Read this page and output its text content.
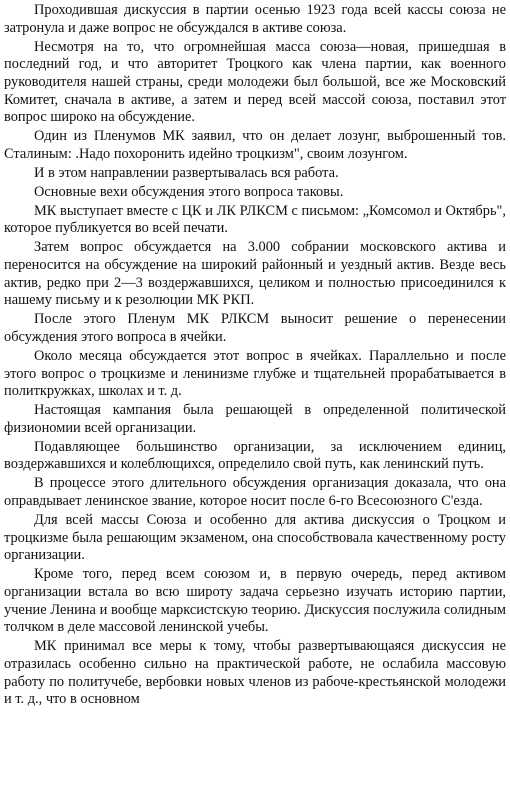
Проходившая дискуссия в партии осенью 1923 года всей кассы союза не затронула и даже вопрос не обсуждался в активе союза.

Несмотря на то, что огромнейшая масса союза—новая, пришедшая в последний год, и что авторитет Троцкого как члена партии, как военного руководителя нашей страны, среди молодежи был большой, все же Московский Комитет, сначала в активе, а затем и перед всей массой союза, поставил этот вопрос широко на обсуждение.

Один из Пленумов МК заявил, что он делает лозунг, выброшенный тов. Сталиным: .Надо похоронить идейно троцкизм", своим лозунгом.

И в этом направлении развертывалась вся работа.

Основные вехи обсуждения этого вопроса таковы.

МК выступает вместе с ЦК и ЛК РЛКСМ с письмом: „Комсомол и Октябрь", которое публикуется во всей печати.

Затем вопрос обсуждается на 3.000 собрании московского актива и переносится на обсуждение на широкий районный и уездный актив. Везде весь актив, редко при 2—3 воздержавшихся, целиком и полностью присоединился к нашему письму и к резолюции МК РКП.

После этого Пленум МК РЛКСМ выносит решение о перенесении обсуждения этого вопроса в ячейки.

Около месяца обсуждается этот вопрос в ячейках. Параллельно и после этого вопрос о троцкизме и ленинизме глубже и тщательней прорабатывается в политкружках, школах и т. д.

Настоящая кампания была решающей в определенной политической физиономии всей организации.

Подавляющее большинство организации, за исключением единиц, воздержавшихся и колеблющихся, определило свой путь, как ленинский путь.

В процессе этого длительного обсуждения организация доказала, что она оправдывает ленинское звание, которое носит после 6-го Всесоюзного С'езда.

Для всей массы Союза и особенно для актива дискуссия о Троцком и троцкизме была решающим экзаменом, она способствовала качественному росту организации.

Кроме того, перед всем союзом и, в первую очередь, перед активом организации встала во всю широту задача серьезно изучать историю партии, учение Ленина и вообще марксистскую теорию. Дискуссия послужила солидным толчком в деле массовой ленинской учебы.

МК принимал все меры к тому, чтобы развертывающаяся дискуссия не отразилась особенно сильно на практической работе, не ослабила массовую работу по политучебе, вербовки новых членов из рабоче-крестьянской молодежи и т. д., что в основном
